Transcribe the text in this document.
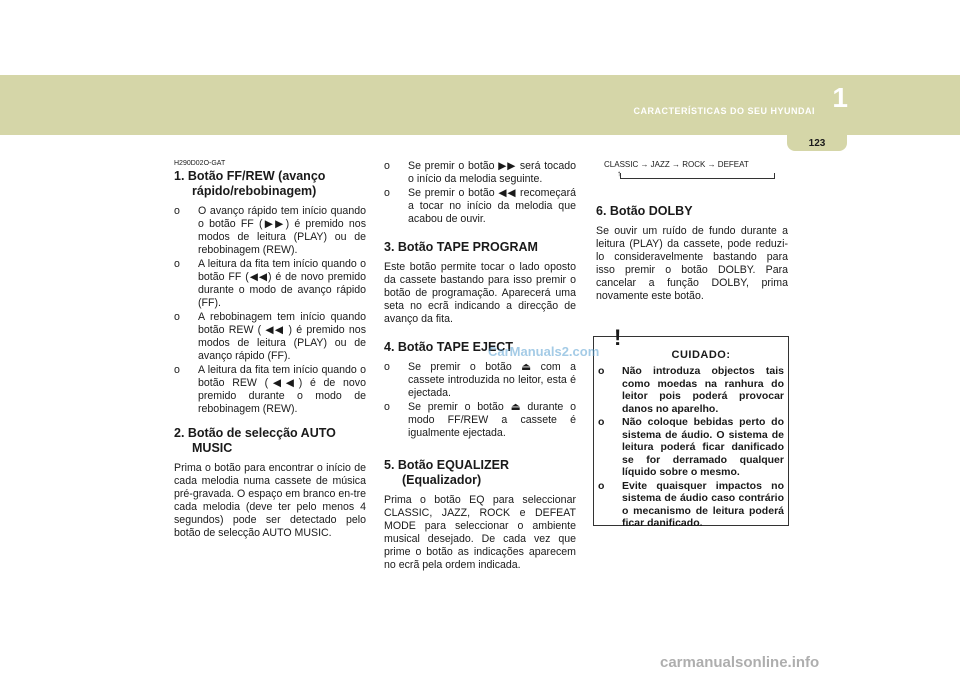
1
CARACTERÍSTICAS DO SEU HYUNDAI
123
H290D02O-GAT
1. Botão FF/REW (avanço rápido/rebobinagem)
o O avanço rápido tem início quando o botão FF (▶▶) é premido nos modos de leitura (PLAY) ou de rebobinagem (REW).
o A leitura da fita tem início quando o botão FF (◀◀) é de novo premido durante o modo de avanço rápido (FF).
o A rebobinagem tem início quando botão REW ( ◀◀ ) é premido nos modos de leitura (PLAY) ou de avanço rápido (FF).
o A leitura da fita tem início quando o botão REW (◀◀) é de novo premido durante o modo de rebobinagem (REW).
2. Botão de selecção AUTO MUSIC

Prima o botão para encontrar o início de cada melodia numa cassete de música pré-gravada. O espaço em branco en-tre cada melodia (deve ter pelo menos 4 segundos) pode ser detectado pelo botão de selecção AUTO MUSIC.

o Se premir o botão ▶▶ será tocado o início da melodia seguinte.
o Se premir o botão ◀◀ recomeçará a tocar no início da melodia que acabou de ouvir.
3. Botão TAPE PROGRAM

Este botão permite tocar o lado oposto da cassete bastando para isso premir o botão de programação. Aparecerá uma seta no ecrã indicando a direcção de avanço da fita.

4. Botão TAPE EJECT
o Se premir o botão ⏏ com a cassete introduzida no leitor, esta é ejectada.
o Se premir o botão ⏏ durante o modo FF/REW a cassete é igualmente ejectada.
5. Botão EQUALIZER (Equalizador)

Prima o botão EQ para seleccionar CLASSIC, JAZZ, ROCK e DEFEAT MODE para seleccionar o ambiente musical desejado. De cada vez que prime o botão as indicações aparecem no ecrã pela ordem indicada.

CLASSIC → JAZZ → ROCK → DEFEAT
↑
6. Botão DOLBY

Se ouvir um ruído de fundo durante a leitura (PLAY) da cassete, pode reduzi-lo consideravelmente bastando para isso premir o botão DOLBY. Para cancelar a função DOLBY, prima novamente este botão.

!
CUIDADO:
o Não introduza objectos tais como moedas na ranhura do leitor pois poderá provocar danos no aparelho.
o Não coloque bebidas perto do sistema de áudio. O sistema de leitura poderá ficar danificado se for derramado qualquer líquido sobre o mesmo.
o Evite quaisquer impactos no sistema de áudio caso contrário o mecanismo de leitura poderá ficar danificado.
CarManuals2.com
carmanualsonline.info
